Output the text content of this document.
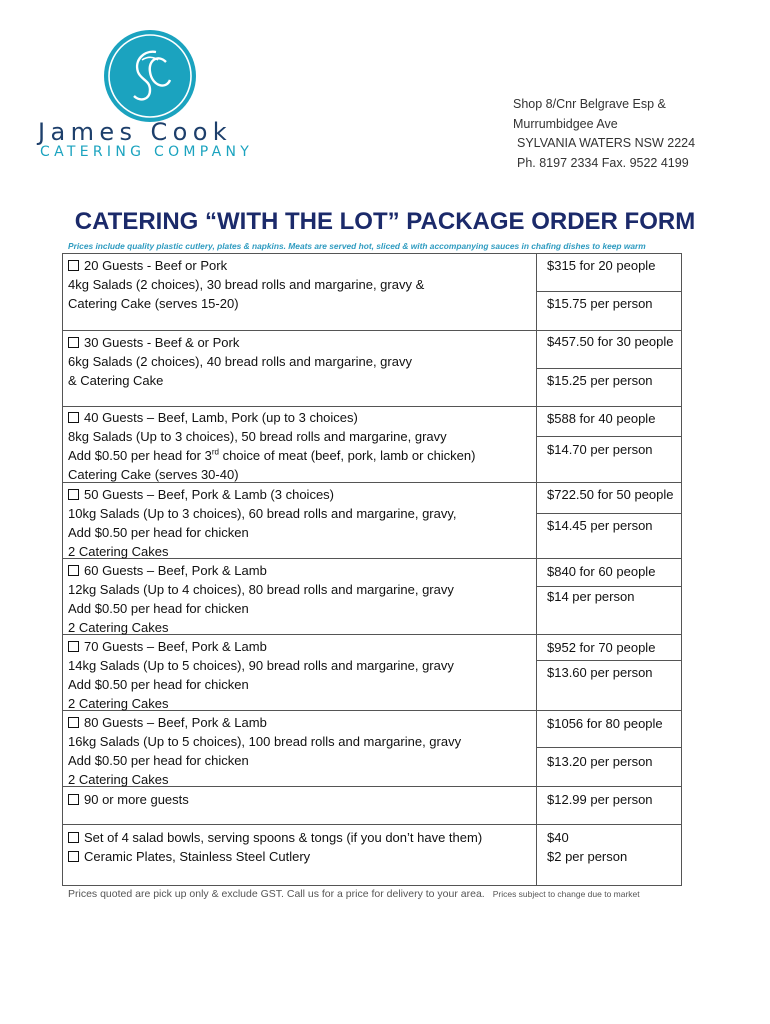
James Cook
CATERING COMPANY
Shop 8/Cnr Belgrave Esp &
Murrumbidgee Ave
SYLVANIA WATERS NSW 2224
Ph. 8197 2334 Fax. 9522 4199
CATERING “WITH THE LOT” PACKAGE ORDER FORM
Prices include quality plastic cutlery, plates & napkins. Meats are served hot, sliced & with accompanying sauces in chafing dishes to keep warm
20 Guests - Beef or Pork
4kg Salads (2 choices), 30 bread rolls and margarine, gravy &
Catering Cake (serves 15-20)
$315 for 20 people
$15.75 per person
30 Guests - Beef & or Pork
6kg Salads (2 choices), 40 bread rolls and margarine, gravy
& Catering Cake
$457.50 for 30 people
$15.25 per person
40 Guests – Beef, Lamb, Pork (up to 3 choices)
8kg Salads (Up to 3 choices), 50 bread rolls and margarine, gravy
Add $0.50 per head for 3rd choice of meat (beef, pork, lamb or chicken)
Catering Cake (serves 30-40)
$588 for 40 people
$14.70 per person
50 Guests – Beef, Pork & Lamb (3 choices)
10kg Salads (Up to 3 choices), 60 bread rolls and margarine, gravy,
Add $0.50 per head for chicken
2 Catering Cakes
$722.50 for 50 people
$14.45 per person
60 Guests – Beef, Pork & Lamb
12kg Salads (Up to 4 choices), 80 bread rolls and margarine, gravy
Add $0.50 per head for chicken
2 Catering Cakes
$840 for 60 people
$14 per person
70 Guests – Beef, Pork & Lamb
14kg Salads (Up to 5 choices), 90 bread rolls and margarine, gravy
Add $0.50 per head for chicken
2 Catering Cakes
$952 for 70 people
$13.60 per person
80 Guests – Beef, Pork & Lamb
16kg Salads (Up to 5 choices), 100 bread rolls and margarine, gravy
Add $0.50 per head for chicken
2 Catering Cakes
$1056 for 80 people
$13.20 per person
90 or more guests	$12.99 per person
Set of 4 salad bowls, serving spoons & tongs (if you don’t have them)
Ceramic Plates, Stainless Steel Cutlery
$40
$2 per person
Prices quoted are pick up only & exclude GST. Call us for a price for delivery to your area. Prices subject to change due to market
